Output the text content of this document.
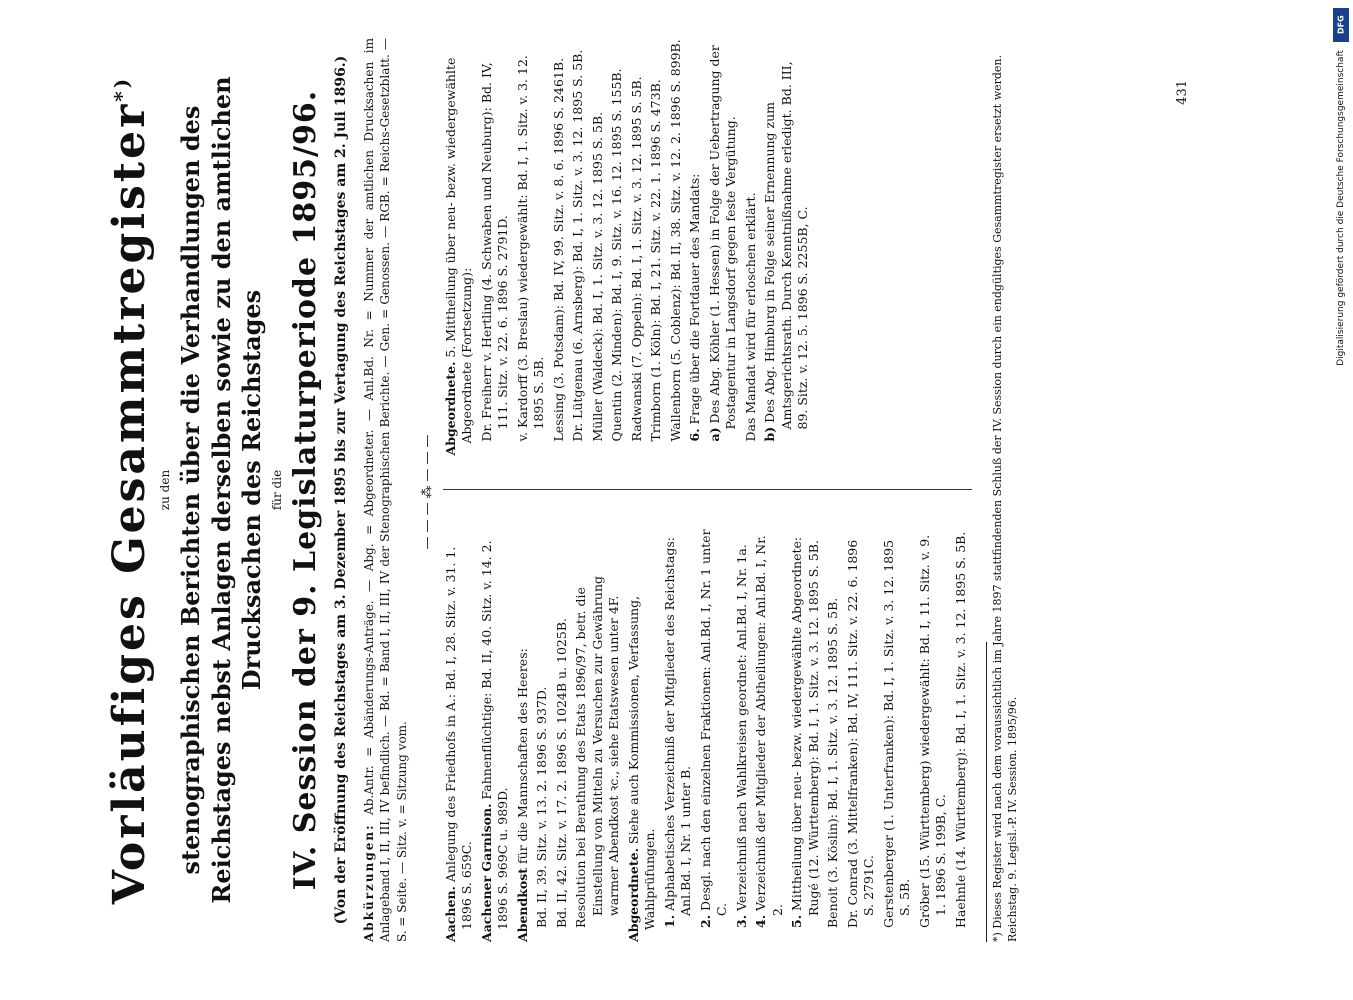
Vorläufiges Gesammtregister*)
zu den stenographischen Berichten über die Verhandlungen des Reichstages nebst Anlagen derselben sowie zu den amtlichen Drucksachen des Reichstages für die IV. Session der 9. Legislaturperiode 1895/96. (Von der Eröffnung des Reichstages am 3. Dezember 1895 bis zur Vertagung des Reichstages am 2. Juli 1896.) Abkürzungen: Ab.Antr. = Abänderungs-Anträge. — Abg. = Abgeordneter. — Anl.Bd. Nr. = Nummer der amtlichen Drucksachen im Anlageband I, II, III, IV befindlich. — Bd. = Band I, II, III, IV der Stenographischen Berichte. — Gen. = Genossen. — RGB. = Reichs-Gesetzblatt. — S. = Seite. — Sitz. v. = Sitzung vom.
———⁂———

Aachen. Anlegung des Friedhofs in A.: Bd. I, 28. Sitz. v. 31. 1. 1896 S. 659C. Aachener Garnison. Fahnenflüchtige: Bd. II, 40. Sitz. v. 14. 2. 1896 S. 969C u. 989D. Abendkost für die Mannschaften des Heeres: Bd. II, 39. Sitz. v. 13. 2. 1896 S. 937D. Bd. II, 42. Sitz. v. 17. 2. 1896 S. 1024B u. 1025B. Resolution bei Berathung des Etats 1896/97, betr. die Einstellung von Mitteln zu Versuchen zur Gewährung warmer Abendkost ꝛc., siehe Etatswesen unter 4F. Abgeordnete. Siehe auch Kommissionen, Verfassung, Wahlprüfungen. 1. Alphabetisches Verzeichniß der Mitglieder des Reichstags: Anl.Bd. I, Nr. 1 unter B.

2. Desgl. nach den einzelnen Fraktionen: Anl.Bd. I, Nr. 1 unter C.

3. Verzeichniß nach Wahlkreisen geordnet: Anl.Bd. I, Nr. 1a.

4. Verzeichniß der Mitglieder der Abtheilungen: Anl.Bd. I, Nr. 2.

5. Mittheilung über neu- bezw. wiedergewählte Abgeordnete: Rugé (12. Württemberg): Bd. I, 1. Sitz. v. 3. 12. 1895 S. 5B. Benoit (3. Köslin): Bd. I, 1. Sitz. v. 3. 12. 1895 S. 5B. Dr. Conrad (3. Mittelfranken): Bd. IV, 111. Sitz. v. 22. 6. 1896 S. 2791C. Gerstenberger (1. Unterfranken): Bd. I, 1. Sitz. v. 3. 12. 1895 S. 5B. Gröber (15. Württemberg) wiedergewählt: Bd. I, 11. Sitz. v. 9. 1. 1896 S. 199B, C. Haehnle (14. Württemberg): Bd. I, 1. Sitz. v. 3. 12. 1895 S. 5B.

Abgeordnete. 5. Mittheilung über neu- bezw. wiedergewählte Abgeordnete (Fortsetzung): Dr. Freiherr v. Hertling (4. Schwaben und Neuburg): Bd. IV, 111. Sitz. v. 22. 6. 1896 S. 2791D. v. Kardorff (3. Breslau) wiedergewählt: Bd. I, 1. Sitz. v. 3. 12. 1895 S. 5B. Lessing (3. Potsdam): Bd. IV, 99. Sitz. v. 8. 6. 1896 S. 2461B. Dr. Lütgenau (6. Arnsberg): Bd. I, 1. Sitz. v. 3. 12. 1895 S. 5B. Müller (Waldeck): Bd. I, 1. Sitz. v. 3. 12. 1895 S. 5B. Quentin (2. Minden): Bd. I, 9. Sitz. v. 16. 12. 1895 S. 155B. Radwanski (7. Oppeln): Bd. I, 1. Sitz. v. 3. 12. 1895 S. 5B. Trimborn (1. Köln): Bd. I, 21. Sitz. v. 22. 1. 1896 S. 473B. Wallenborn (5. Coblenz): Bd. II, 38. Sitz. v. 12. 2. 1896 S. 899B. 6. Frage über die Fortdauer des Mandats:

a) Des Abg. Köhler (1. Hessen) in Folge der Uebertragung der Postagentur in Langsdorf gegen feste Vergütung. Das Mandat wird für erloschen erklärt. b) Des Abg. Himburg in Folge seiner Ernennung zum Amtsgerichtsrath. Durch Kenntnißnahme erledigt. Bd. III, 89. Sitz. v. 12. 5. 1896 S. 2255B, C.	*) Dieses Register wird nach dem voraussichtlich im Jahre 1897 stattfindenden Schluß der IV. Session durch ein endgültiges Gesammtregister ersetzt werden. Reichstag. 9. Legisl.-P. IV. Session. 1895/96.
431
DFG
Digitalisierung gefördert durch die Deutsche Forschungsgemeinschaft
